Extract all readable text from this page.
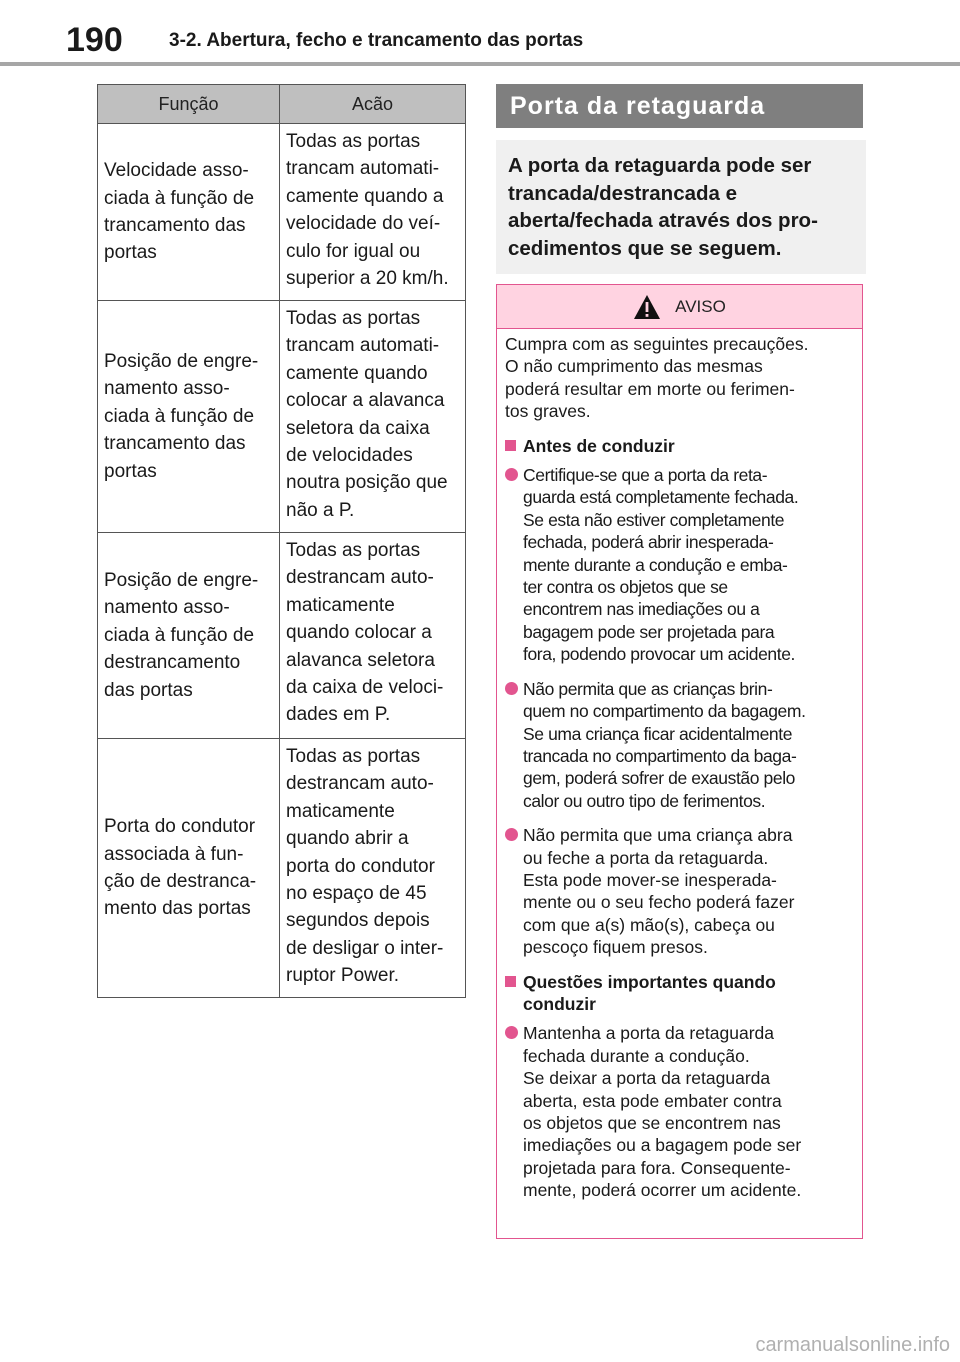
190 3-2. Abertura, fecho e trancamento das portas
Função	Acão
Velocidade asso-
ciada à função de
trancamento das
portas
Todas as portas
trancam automati-
camente quando a
velocidade do veí-
culo for igual ou
superior a 20 km/h.
Posição de engre-
namento asso-
ciada à função de
trancamento das
portas
Todas as portas
trancam automati-
camente quando
colocar a alavanca
seletora da caixa
de velocidades
noutra posição que
não a P.
Posição de engre-
namento asso-
ciada à função de
destrancamento
das portas
Todas as portas
destrancam auto-
maticamente
quando colocar a
alavanca seletora
da caixa de veloci-
dades em P.
Porta do condutor
associada à fun-
ção de destranca-
mento das portas
Todas as portas
destrancam auto-
maticamente
quando abrir a
porta do condutor
no espaço de 45
segundos depois
de desligar o inter-
ruptor Power.
Porta da retaguarda
A porta da retaguarda pode ser
trancada/destrancada e
aberta/fechada através dos pro-
cedimentos que se seguem.
AVISO
Cumpra com as seguintes precauções.
O não cumprimento das mesmas
poderá resultar em morte ou ferimen-
tos graves.
Antes de conduzir
Certifique-se que a porta da reta-
guarda está completamente fechada.
Se esta não estiver completamente
fechada, poderá abrir inesperada-
mente durante a condução e emba-
ter contra os objetos que se
encontrem nas imediações ou a
bagagem pode ser projetada para
fora, podendo provocar um acidente.
Não permita que as crianças brin-
quem no compartimento da bagagem.
Se uma criança ficar acidentalmente
trancada no compartimento da baga-
gem, poderá sofrer de exaustão pelo
calor ou outro tipo de ferimentos.
Não permita que uma criança abra
ou feche a porta da retaguarda.
Esta pode mover-se inesperada-
mente ou o seu fecho poderá fazer
com que a(s) mão(s), cabeça ou
pescoço fiquem presos.
Questões importantes quando
conduzir
Mantenha a porta da retaguarda
fechada durante a condução.
Se deixar a porta da retaguarda
aberta, esta pode embater contra
os objetos que se encontrem nas
imediações ou a bagagem pode ser
projetada para fora. Consequente-
mente, poderá ocorrer um acidente.
carmanualsonline.info
